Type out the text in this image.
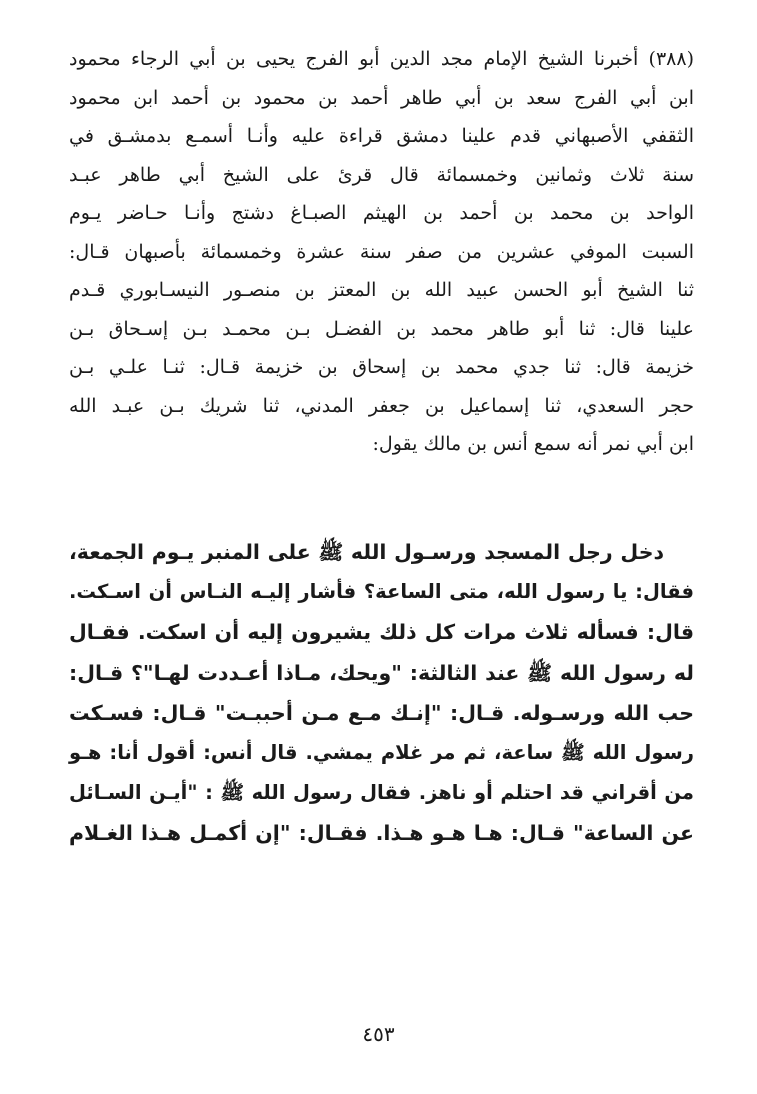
(٣٨٨) أخبرنا الشيخ الإمام مجد الدين أبو الفرج يحيى بن أبي الرجاء محمود
ابن أبي الفرج سعد بن أبي طاهر أحمد بن محمود بن أحمد ابن محمود
الثقفي الأصبهاني قدم علينا دمشق قراءة عليه وأنـا أسمـع بدمشـق في
سنة ثلاث وثمانين وخمسمائة قال قرئ على الشيخ أبي طاهر عبـد
الواحد بن محمد بن أحمد بن الهيثم الصبـاغ دشتج وأنـا حـاضر يـوم
السبت الموفي عشرين من صفر سنة عشرة وخمسمائة بأصبهان قـال:
ثنا الشيخ أبو الحسن عبيد الله بن المعتز بن منصـور النيسـابوري قـدم
علينا قال: ثنا أبو طاهر محمد بن الفضـل بـن محمـد بـن إسـحاق بـن
خزيمة قال: ثنا جدي محمد بن إسحاق بن خزيمة قـال: ثنـا علـي بـن
حجر السعدي، ثنا إسماعيل بن جعفر المدني، ثنا شريك بـن عبـد الله
ابن أبي نمر أنه سمع أنس بن مالك يقول:
دخل رجل المسجد ورسـول الله ﷺ على المنبر يـوم الجمعة،
فقال: يا رسول الله، متى الساعة؟ فأشار إليـه النـاس أن اسـكت.
قال: فسأله ثلاث مرات كل ذلك يشيرون إليه أن اسكت. فقـال
له رسول الله ﷺ عند الثالثة: "ويحك، مـاذا أعـددت لهـا"؟ قـال:
حب الله ورسـوله. قـال: "إنـك مـع مـن أحببـت" قـال: فسـكت
رسول الله ﷺ ساعة، ثم مر غلام يمشي. قال أنس: أقول أنا: هـو
من أقراني قد احتلم أو ناهز. فقال رسول الله ﷺ : "أيـن السـائل
عن الساعة" قـال: هـا هـو هـذا. فقـال: "إن أكمـل هـذا الغـلام
٤٥٣
